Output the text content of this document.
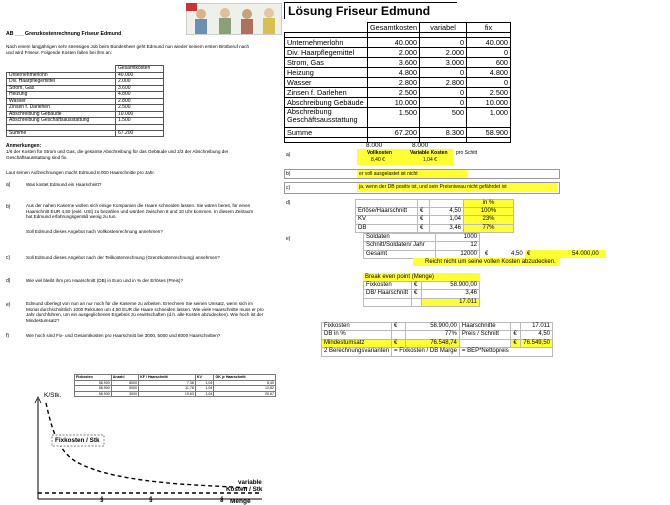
AB ___ Grenzkostenrechnung Friseur Edmund
Nach einem langjährigen sehr stressigen Job beim Bundesheer geht Edmund nun wieder seinem ersten Brotberuf nach und wird Friseur. Folgende Kosten fallen bei ihm an:
	Gesamtkosten
Unternehmerlohn	40.000
Div. Haarpflegemittel	2.000
Strom, Gas	3.600
Heizung	4.800
Wasser	2.800
Zinsen f. Darlehen	2.500
Abschreibung Gebäude	10.000
Abschreibung Geschäftsausstattung	1.500

Summe	67.200
Anmerkungen:
1/6 der Kosten für Strom und Gas, die gesamte Abschreibung für das Gebäude und 2/3 der Abschreibung der Geschäftsausstattung sind fix.
Laut seinen Aufzeichnungen macht Edmund 8.000 Haarschnitte pro Jahr.
a)	Was kostet Edmund ein Haarschnitt?
b)	Aus der nahen Kaserne wollen sich einige Kompanien die Haare schneiden lassen. Sie wären bereit, für einen Haarschnitt EUR 4,50 (exkl. USt) zu bezahlen und würden zwischen 8 und 10 Uhr kommen. In diesem Zeitraum hat Edmund erfahrungsgemäß wenig zu tun.
Soll Edmund dieses Angebot nach Vollkostenrechnung annehmen?
c)	Soll Edmund dieses Angebot nach der Teilkostenrechnung (Grenzkostenrechnung) annehmen?
d)	Wie viel bleibt ihm pro Haarschnitt (DB) in Euro und in % der Erlöses (Preis)?
e)	Edmund überlegt von nun an nur noch für die Kaserne zu arbeiten. Errechnen Sie seinen Umsatz, wenn sich im Monat durchschnittlich 1000 Rekruten um 4,50 EUR die Haare schneiden lassen. Wie viele Haarschnitte muss er pro Jahr durchführen, um ein ausgeglichenes Ergebnis zu erwirtschaften (d.h. alle Kosten abzudecken). Wie hoch ist der Mindestumsatz?
f)	Wie hoch sind Fix- und Gesamtkosten pro Haarschnitt bei 3000, 5000 und 8000 Haarschnitten?
Fixkosten	Anzahl	KF / Haarschnitt	KV	GK je Haarschnitt
58.900	8000	7,36	1,04	8,40
58.900	5000	11,78	1,04	12,82
58.900	3000	19,63	1,04	20,67
K/Stk.
Fixkosten / Stk
variable
Kosten / Stk
Menge
3	5	8
Lösung Friseur Edmund
	Gesamtkosten	variabel	fix

Unternehmerlohn	40.000	0	40.000
Div. Haarpflegemittel	2.000	2.000	0
Strom, Gas	3.600	3.000	600
Heizung	4.800	0	4.800
Wasser	2.800	2.800	0
Zinsen f. Darlehen	2.500	0	2.500
Abschreibung Gebäude	10.000	0	10.000
Abschreibung Geschäftsausstattung	1.500	500	1.000
Summe	67.200	8.300	58.900

8.000	8.000
a)	Vollkosten	Variable Kosten pro Schitt
8,40 €	1,04 €
b)	er voll ausgelastet ist nicht
c)	ja, wenn der DB positiv ist, und sein Preisniveau nicht gefährdet ist
d)
				in %
Erlöse/Haarschnitt	€	4,50	100%
KV	€	1,04	23%
DB	€	3,46	77%
e)	Soldaten	1000
Schnitt/Soldaten/ Jahr	12
Gesamt	12000 €	4,50 €	54.000,00
Reicht nicht um seine vollen Kosten abzudecken.
Break even point (Menge)
Fixkosten	€	58.900,00
DB/ Haarschnitt	€	3,46
		17.011
Fixkosten	€	58.900,00	Haarschnitte		17.011
DB in %		77%	Preis / Schnitt	€	4,50
Mindestumsatz	€	76.548,74		€	76.549,50
2 Berechnungsvarianten	= Fixkosten / DB Marge		= BEP*Nettopreis		
